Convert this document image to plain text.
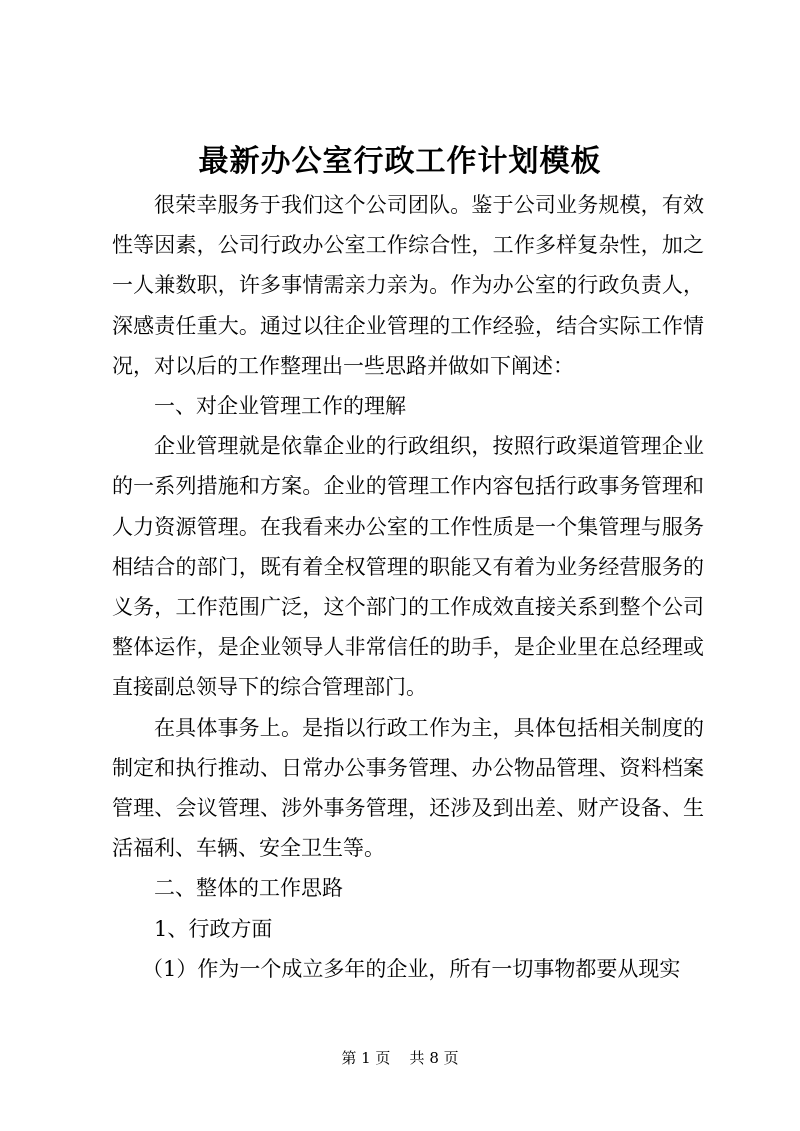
最新办公室行政工作计划模板

很荣幸服务于我们这个公司团队。鉴于公司业务规模，有效性等因素，公司行政办公室工作综合性，工作多样复杂性，加之一人兼数职，许多事情需亲力亲为。作为办公室的行政负责人，深感责任重大。通过以往企业管理的工作经验，结合实际工作情况，对以后的工作整理出一些思路并做如下阐述：

一、对企业管理工作的理解

企业管理就是依靠企业的行政组织，按照行政渠道管理企业的一系列措施和方案。企业的管理工作内容包括行政事务管理和人力资源管理。在我看来办公室的工作性质是一个集管理与服务相结合的部门，既有着全权管理的职能又有着为业务经营服务的义务，工作范围广泛，这个部门的工作成效直接关系到整个公司整体运作，是企业领导人非常信任的助手，是企业里在总经理或直接副总领导下的综合管理部门。

在具体事务上。是指以行政工作为主，具体包括相关制度的制定和执行推动、日常办公事务管理、办公物品管理、资料档案管理、会议管理、涉外事务管理，还涉及到出差、财产设备、生活福利、车辆、安全卫生等。

二、整体的工作思路

1、行政方面

（1）作为一个成立多年的企业，所有一切事物都要从现实

第 1 页 共 8 页
